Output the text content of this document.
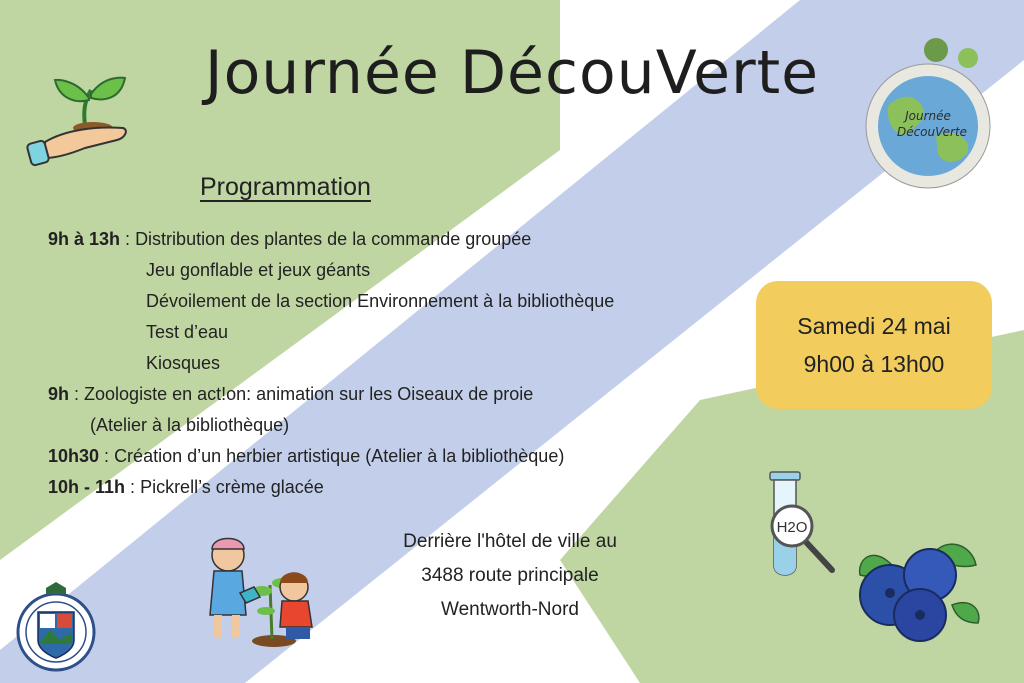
Journée DécouVerte
Journée
DécouVerte
Programmation
9h à 13h : Distribution des plantes de la commande groupée
Jeu gonflable et jeux géants
Dévoilement de la section Environnement à la bibliothèque
Test d’eau
Kiosques
9h : Zoologiste en act!on: animation sur les Oiseaux de proie
(Atelier à la bibliothèque)
10h30 : Création d’un herbier artistique (Atelier à la bibliothèque)
10h - 11h : Pickrell’s crème glacée
Samedi 24 mai
9h00 à 13h00
H2O
Derrière l'hôtel de ville au
3488 route principale
Wentworth-Nord
